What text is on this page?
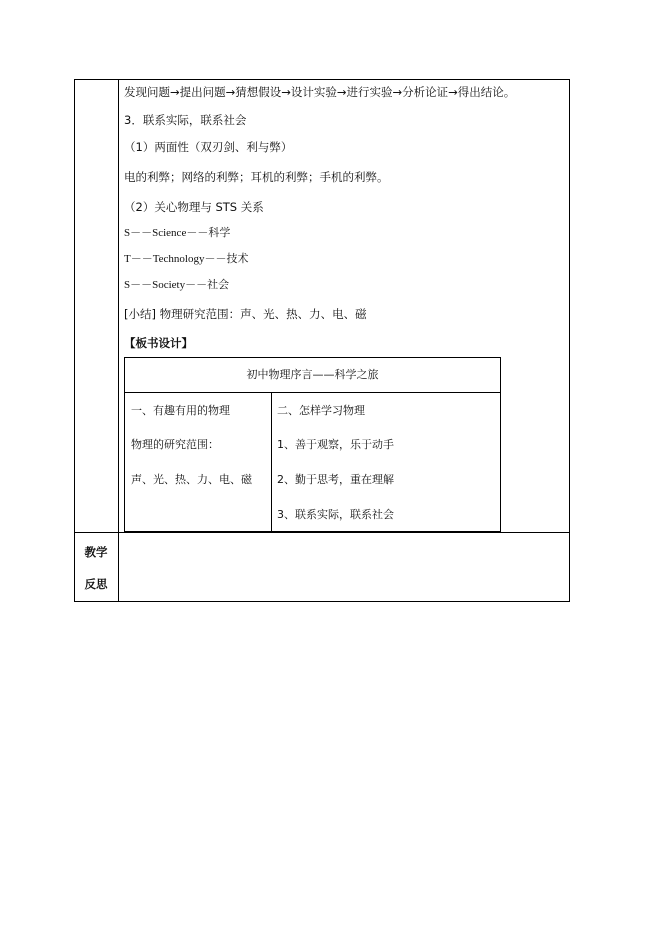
发现问题→提出问题→猜想假设→设计实验→进行实验→分析论证→得出结论。
3．联系实际，联系社会
（1）两面性（双刃剑、利与弊）
电的利弊；网络的利弊；耳机的利弊；手机的利弊。
（2）关心物理与 STS 关系
S－－Science－－科学
T－－Technology－－技术
S－－Society－－社会
[小结] 物理研究范围：声、光、热、力、电、磁
【板书设计】
初中物理序言——科学之旅
一、有趣有用的物理
物理的研究范围：
声、光、热、力、电、磁
二、怎样学习物理
1、善于观察，乐于动手
2、勤于思考，重在理解
3、联系实际，联系社会
教学
反思
